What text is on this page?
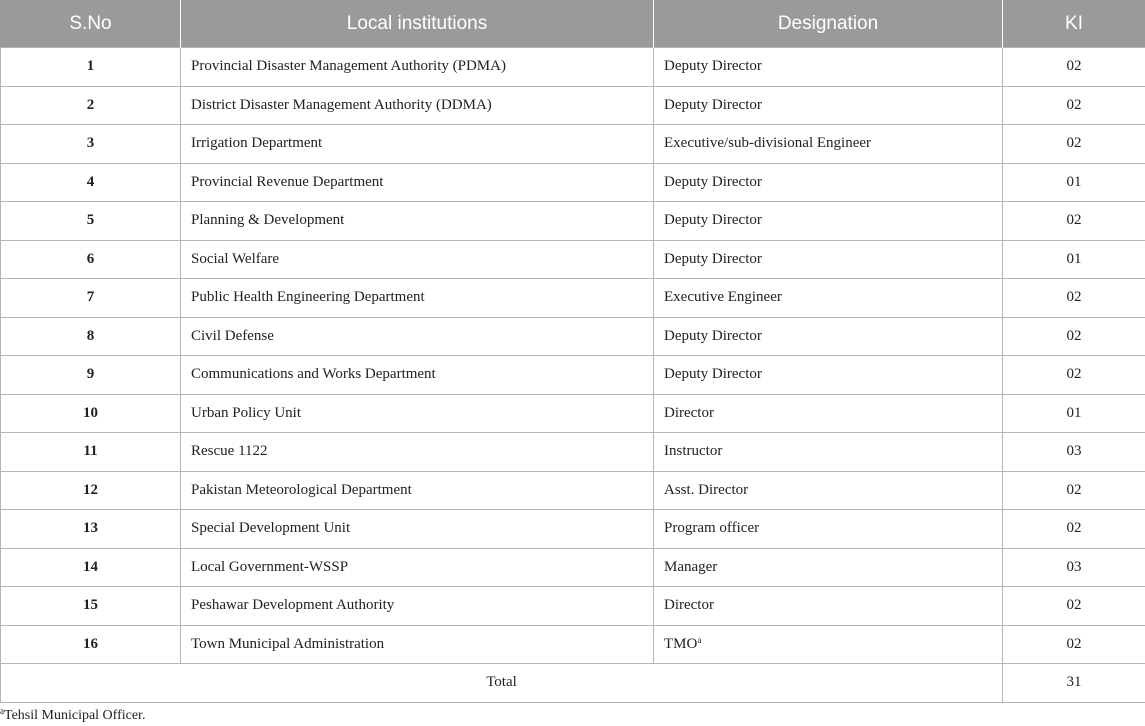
S.No	Local institutions	Designation	KI
1	Provincial Disaster Management Authority (PDMA)	Deputy Director	02
2	District Disaster Management Authority (DDMA)	Deputy Director	02
3	Irrigation Department	Executive/sub-divisional Engineer	02
4	Provincial Revenue Department	Deputy Director	01
5	Planning & Development	Deputy Director	02
6	Social Welfare	Deputy Director	01
7	Public Health Engineering Department	Executive Engineer	02
8	Civil Defense	Deputy Director	02
9	Communications and Works Department	Deputy Director	02
10	Urban Policy Unit	Director	01
11	Rescue 1122	Instructor	03
12	Pakistan Meteorological Department	Asst. Director	02
13	Special Development Unit	Program officer	02
14	Local Government-WSSP	Manager	03
15	Peshawar Development Authority	Director	02
16	Town Municipal Administration	TMO$^a$	02
Total			31
$^a$Tehsil Municipal Officer.
